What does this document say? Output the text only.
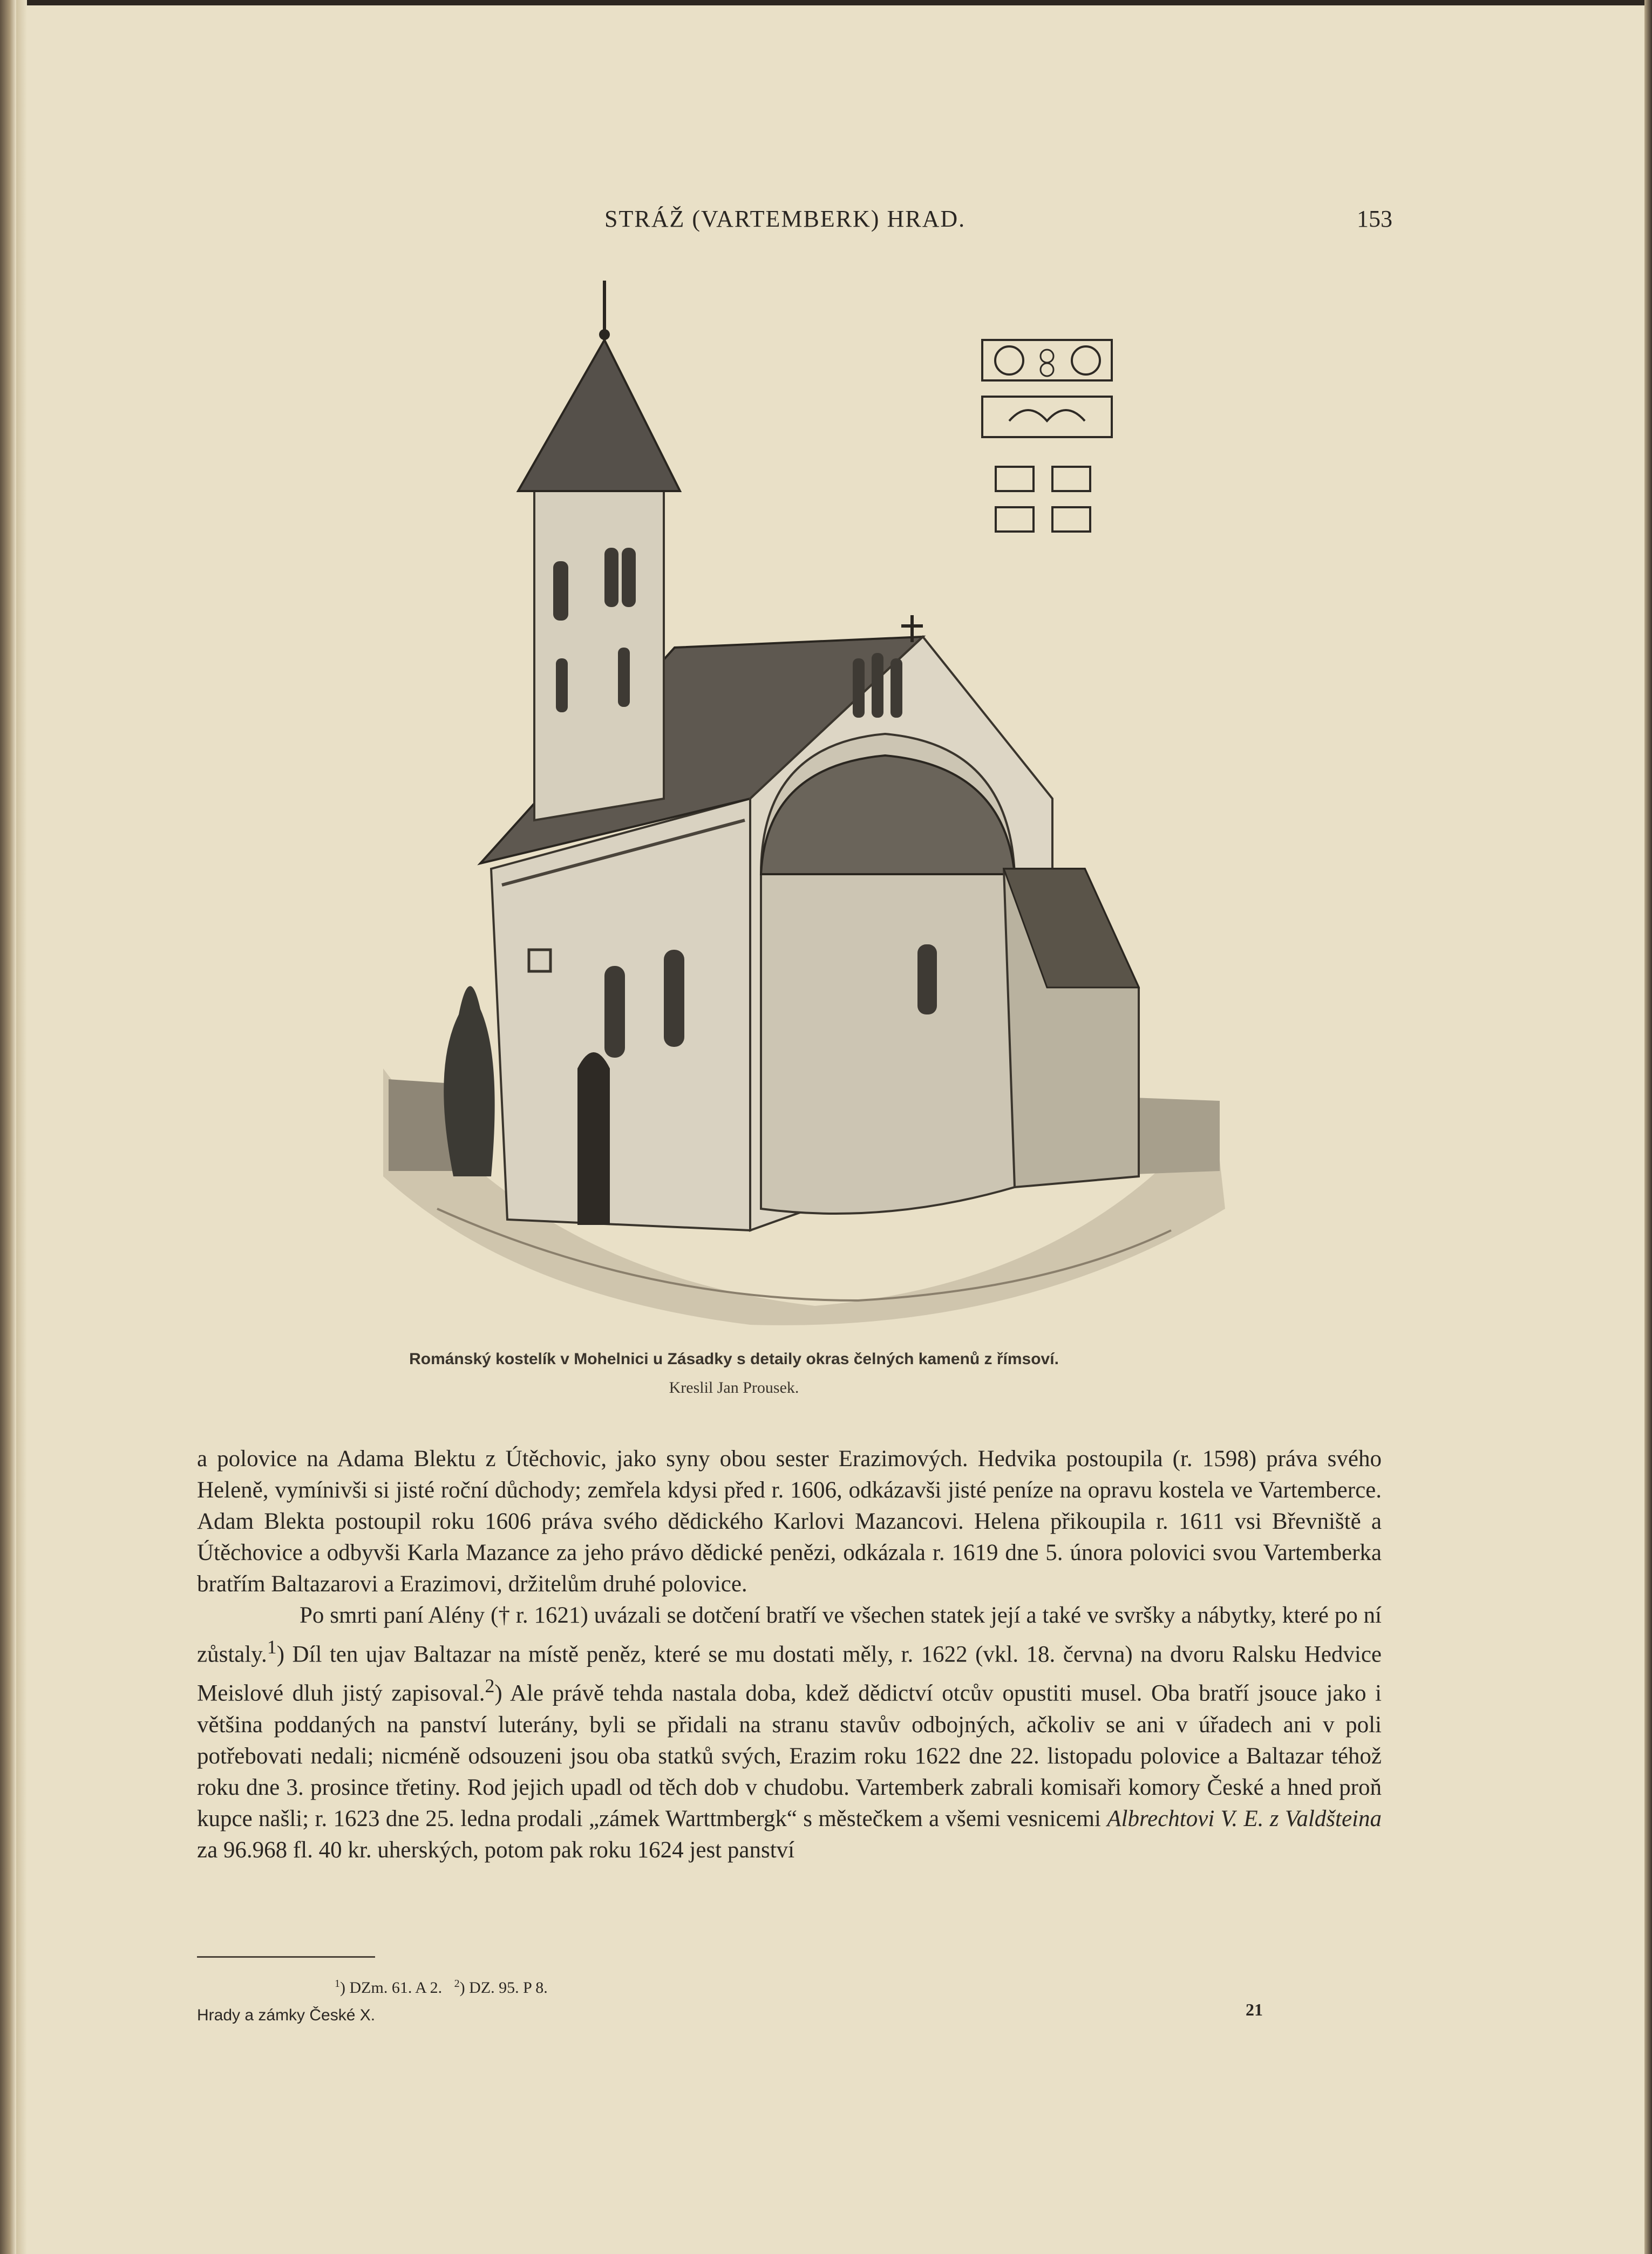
STRÁŽ (VARTEMBERK) HRAD.	153
Románský kostelík v Mohelnici u Zásadky s detaily okras čelných kamenů z římsoví.
Kreslil Jan Prousek.

a polovice na Adama Blektu z Útěchovic, jako syny obou sester Erazimových. Hedvika postoupila (r. 1598) práva svého Heleně, vymínivši si jisté roční důchody; zemřela kdysi před r. 1606, odkázavši jisté peníze na opravu kostela ve Vartemberce. Adam Blekta postoupil roku 1606 práva svého dědického Karlovi Mazancovi. Helena přikoupila r. 1611 vsi Břevniště a Útěchovice a odbyvši Karla Mazance za jeho právo dědické penězi, odkázala r. 1619 dne 5. února polovici svou Vartemberka bratřím Baltazarovi a Erazimovi, držitelům druhé polovice.

Po smrti paní Alény († r. 1621) uvázali se dotčení bratří ve všechen statek její a také ve svršky a nábytky, které po ní zůstaly.$^1$) Díl ten ujav Baltazar na místě peněz, které se mu dostati měly, r. 1622 (vkl. 18. června) na dvoru Ralsku Hedvice Meislové dluh jistý zapisoval.$^2$) Ale právě tehda nastala doba, kdež dědictví otcův opustiti musel. Oba bratří jsouce jako i většina poddaných na panství luterány, byli se přidali na stranu stavův odbojných, ačkoliv se ani v úřadech ani v poli potřebovati nedali; nicméně odsouzeni jsou oba statků svých, Erazim roku 1622 dne 22. listopadu polovice a Baltazar téhož roku dne 3. prosince třetiny. Rod jejich upadl od těch dob v chudobu. Vartemberk zabrali komisaři komory České a hned proň kupce našli; r. 1623 dne 25. ledna prodali „zámek Warttmbergk“ s městečkem a všemi vesnicemi Albrechtovi V. E. z Valdšteina za 96.968 fl. 40 kr. uherských, potom pak roku 1624 jest panství

$^1$) DZm. 61. A 2. $^2$) DZ. 95. P 8.
Hrady a zámky České X.	21
